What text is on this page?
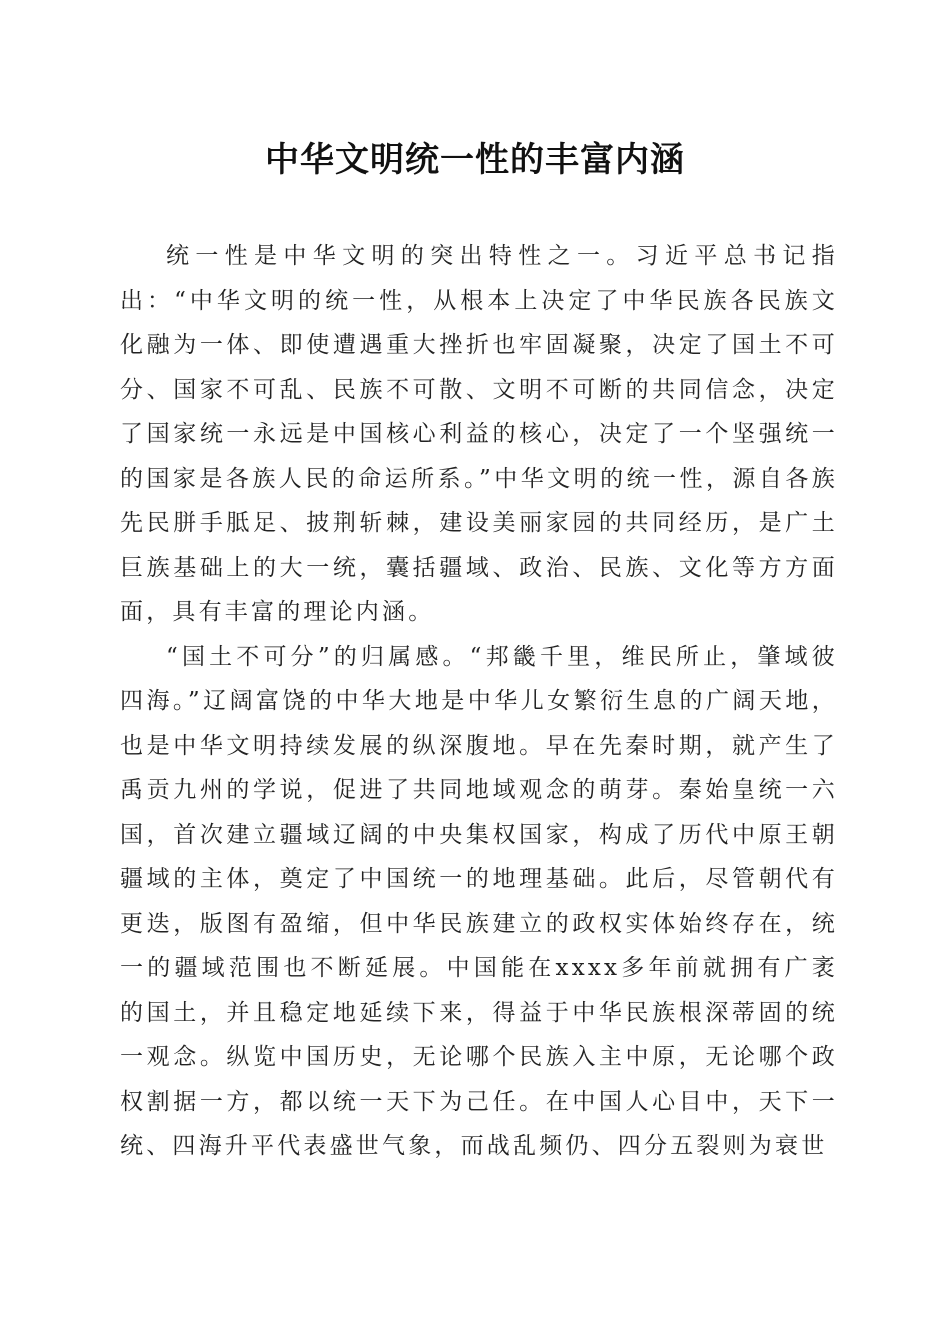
中华文明统一性的丰富内涵

统一性是中华文明的突出特性之一。习近平总书记指出：“中华文明的统一性，从根本上决定了中华民族各民族文化融为一体、即使遭遇重大挫折也牢固凝聚，决定了国土不可分、国家不可乱、民族不可散、文明不可断的共同信念，决定了国家统一永远是中国核心利益的核心，决定了一个坚强统一的国家是各族人民的命运所系。”中华文明的统一性，源自各族先民胼手胝足、披荆斩棘，建设美丽家园的共同经历，是广土巨族基础上的大一统，囊括疆域、政治、民族、文化等方方面面，具有丰富的理论内涵。

“国土不可分”的归属感。“邦畿千里，维民所止，肇域彼四海。”辽阔富饶的中华大地是中华儿女繁衍生息的广阔天地，也是中华文明持续发展的纵深腹地。早在先秦时期，就产生了禹贡九州的学说，促进了共同地域观念的萌芽。秦始皇统一六国，首次建立疆域辽阔的中央集权国家，构成了历代中原王朝疆域的主体，奠定了中国统一的地理基础。此后，尽管朝代有更迭，版图有盈缩，但中华民族建立的政权实体始终存在，统一的疆域范围也不断延展。中国能在xxxx多年前就拥有广袤的国土，并且稳定地延续下来，得益于中华民族根深蒂固的统一观念。纵览中国历史，无论哪个民族入主中原，无论哪个政权割据一方，都以统一天下为己任。在中国人心目中，天下一统、四海升平代表盛世气象，而战乱频仍、四分五裂则为衰世
